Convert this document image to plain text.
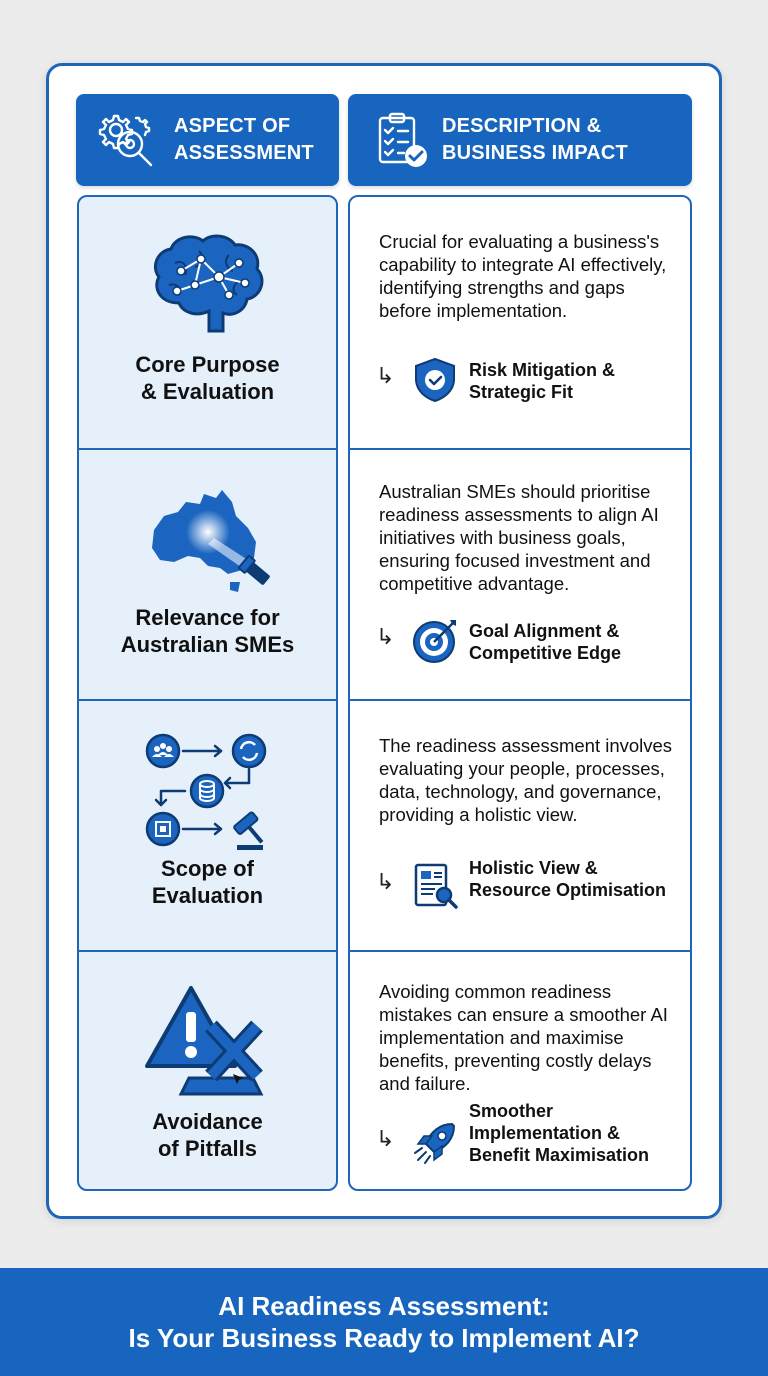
ASPECT OF
ASSESSMENT
DESCRIPTION &
BUSINESS IMPACT
Core Purpose
& Evaluation
Relevance for
Australian SMEs
Scope of
Evaluation
Avoidance
of Pitfalls
Crucial for evaluating a business's capability to integrate AI effectively, identifying strengths and gaps before implementation.
↳	Risk Mitigation &
Strategic Fit
Australian SMEs should prioritise readiness assessments to align AI initiatives with business goals, ensuring focused investment and competitive advantage.
↳	Goal Alignment &
Competitive Edge
The readiness assessment involves evaluating your people, processes, data, technology, and governance, providing a holistic view.
↳
Holistic View &
Resource Optimisation
Avoiding common readiness mistakes can ensure a smoother AI implementation and maximise benefits, preventing costly delays and failure.
↳
Smoother
Implementation &
Benefit Maximisation
AI Readiness Assessment:
Is Your Business Ready to Implement AI?
